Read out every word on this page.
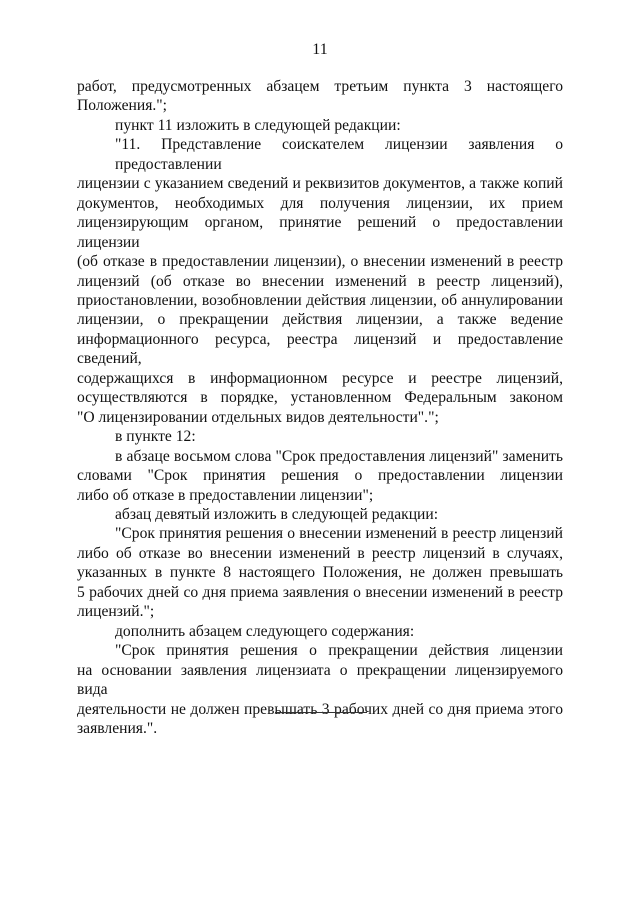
11
работ, предусмотренных абзацем третьим пункта 3 настоящего
Положения.";
пункт 11 изложить в следующей редакции:
"11. Представление соискателем лицензии заявления о предоставлении
лицензии с указанием сведений и реквизитов документов, а также копий
документов, необходимых для получения лицензии, их прием
лицензирующим органом, принятие решений о предоставлении лицензии
(об отказе в предоставлении лицензии), о внесении изменений в реестр
лицензий (об отказе во внесении изменений в реестр лицензий),
приостановлении, возобновлении действия лицензии, об аннулировании
лицензии, о прекращении действия лицензии, а также ведение
информационного ресурса, реестра лицензий и предоставление сведений,
содержащихся в информационном ресурсе и реестре лицензий,
осуществляются в порядке, установленном Федеральным законом
"О лицензировании отдельных видов деятельности".";
в пункте 12:
в абзаце восьмом слова "Срок предоставления лицензий" заменить
словами "Срок принятия решения о предоставлении лицензии
либо об отказе в предоставлении лицензии";
абзац девятый изложить в следующей редакции:
"Срок принятия решения о внесении изменений в реестр лицензий
либо об отказе во внесении изменений в реестр лицензий в случаях,
указанных в пункте 8 настоящего Положения, не должен превышать
5 рабочих дней со дня приема заявления о внесении изменений в реестр
лицензий.";
дополнить абзацем следующего содержания:
"Срок принятия решения о прекращении действия лицензии
на основании заявления лицензиата о прекращении лицензируемого вида
деятельности не должен превышать 3 рабочих дней со дня приема этого
заявления.".
